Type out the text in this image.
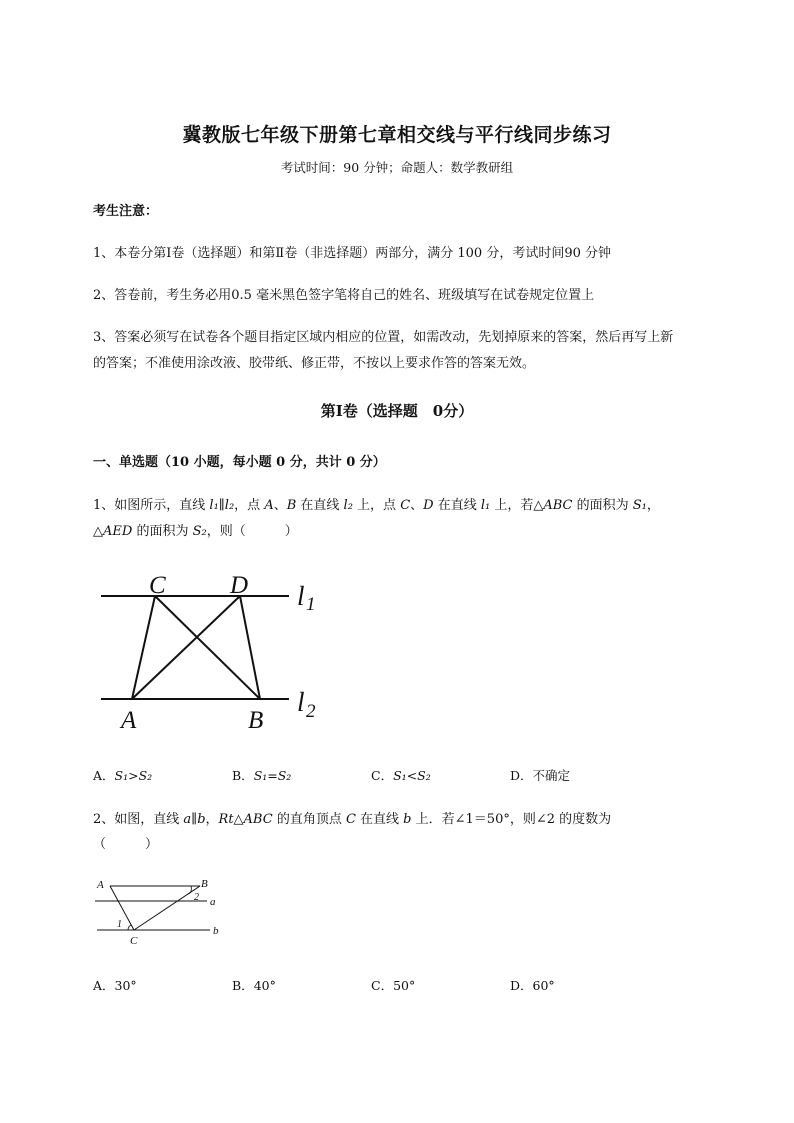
冀教版七年级下册第七章相交线与平行线同步练习
考试时间：90 分钟；命题人：数学教研组
考生注意：
1、本卷分第Ⅰ卷（选择题）和第Ⅱ卷（非选择题）两部分，满分 100 分，考试时间90 分钟
2、答卷前，考生务必用0.5 毫米黑色签字笔将自己的姓名、班级填写在试卷规定位置上
3、答案必须写在试卷各个题目指定区域内相应的位置，如需改动，先划掉原来的答案，然后再写上新
的答案；不准使用涂改液、胶带纸、修正带，不按以上要求作答的答案无效。
第Ⅰ卷（选择题　0分）
一、单选题（10 小题，每小题 0 分，共计 0 分）
1、如图所示，直线 l₁∥l₂，点 A、B 在直线 l₂ 上，点 C、D 在直线 l₁ 上，若△ABC 的面积为 S₁，
△AED 的面积为 S₂，则（　　　）
C	D
A	B
l 1
l 2
A．S₁>S₂	B．S₁=S₂	C．S₁<S₂	D．不确定
2、如图，直线 a∥b，Rt△ABC 的直角顶点 C 在直线 b 上．若∠1＝50°，则∠2 的度数为
（　　　）
A	B
2 a
1
C
b
A．30°	B．40°	C．50°	D．60°
